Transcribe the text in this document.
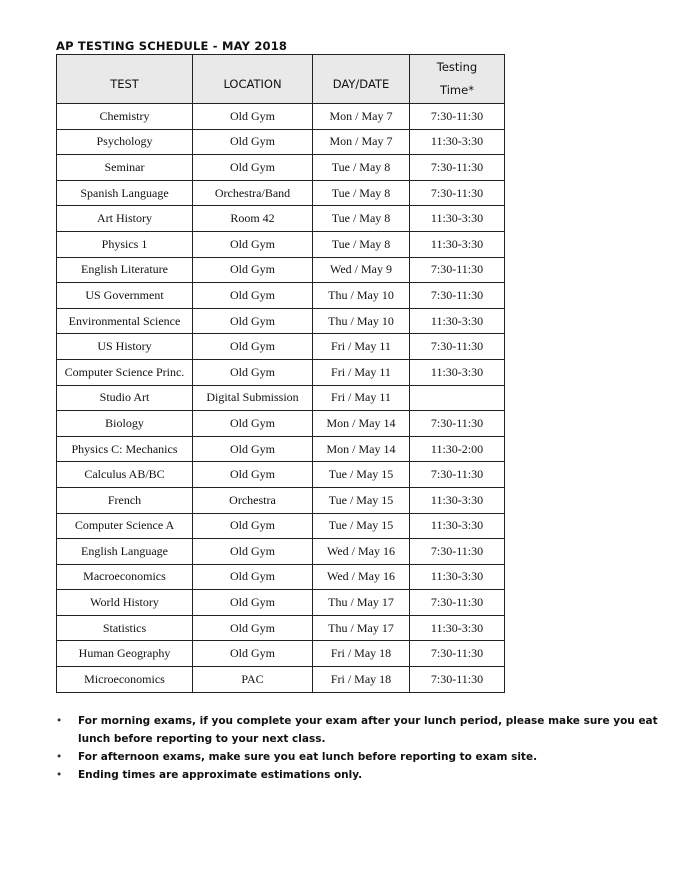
AP TESTING SCHEDULE - MAY 2018
TEST	LOCATION	DAY/DATE	Testing
Time*

Chemistry	Old Gym	Mon / May 7	7:30-11:30
Psychology	Old Gym	Mon / May 7	11:30-3:30
Seminar	Old Gym	Tue / May 8	7:30-11:30
Spanish Language	Orchestra/Band	Tue / May 8	7:30-11:30
Art History	Room 42	Tue / May 8	11:30-3:30
Physics 1	Old Gym	Tue / May 8	11:30-3:30
English Literature	Old Gym	Wed / May 9	7:30-11:30
US Government	Old Gym	Thu / May 10	7:30-11:30
Environmental Science	Old Gym	Thu / May 10	11:30-3:30
US History	Old Gym	Fri / May 11	7:30-11:30
Computer Science Princ.	Old Gym	Fri / May 11	11:30-3:30
Studio Art	Digital Submission	Fri / May 11	
Biology	Old Gym	Mon / May 14	7:30-11:30
Physics C: Mechanics	Old Gym	Mon / May 14	11:30-2:00
Calculus AB/BC	Old Gym	Tue / May 15	7:30-11:30
French	Orchestra	Tue / May 15	11:30-3:30
Computer Science A	Old Gym	Tue / May 15	11:30-3:30
English Language	Old Gym	Wed / May 16	7:30-11:30
Macroeconomics	Old Gym	Wed / May 16	11:30-3:30
World History	Old Gym	Thu / May 17	7:30-11:30
Statistics	Old Gym	Thu / May 17	11:30-3:30
Human Geography	Old Gym	Fri / May 18	7:30-11:30
Microeconomics	PAC	Fri / May 18	7:30-11:30
• For morning exams, if you complete your exam after your lunch period, please make sure you eat lunch before reporting to your next class.
• For afternoon exams, make sure you eat lunch before reporting to exam site.
• Ending times are approximate estimations only.
